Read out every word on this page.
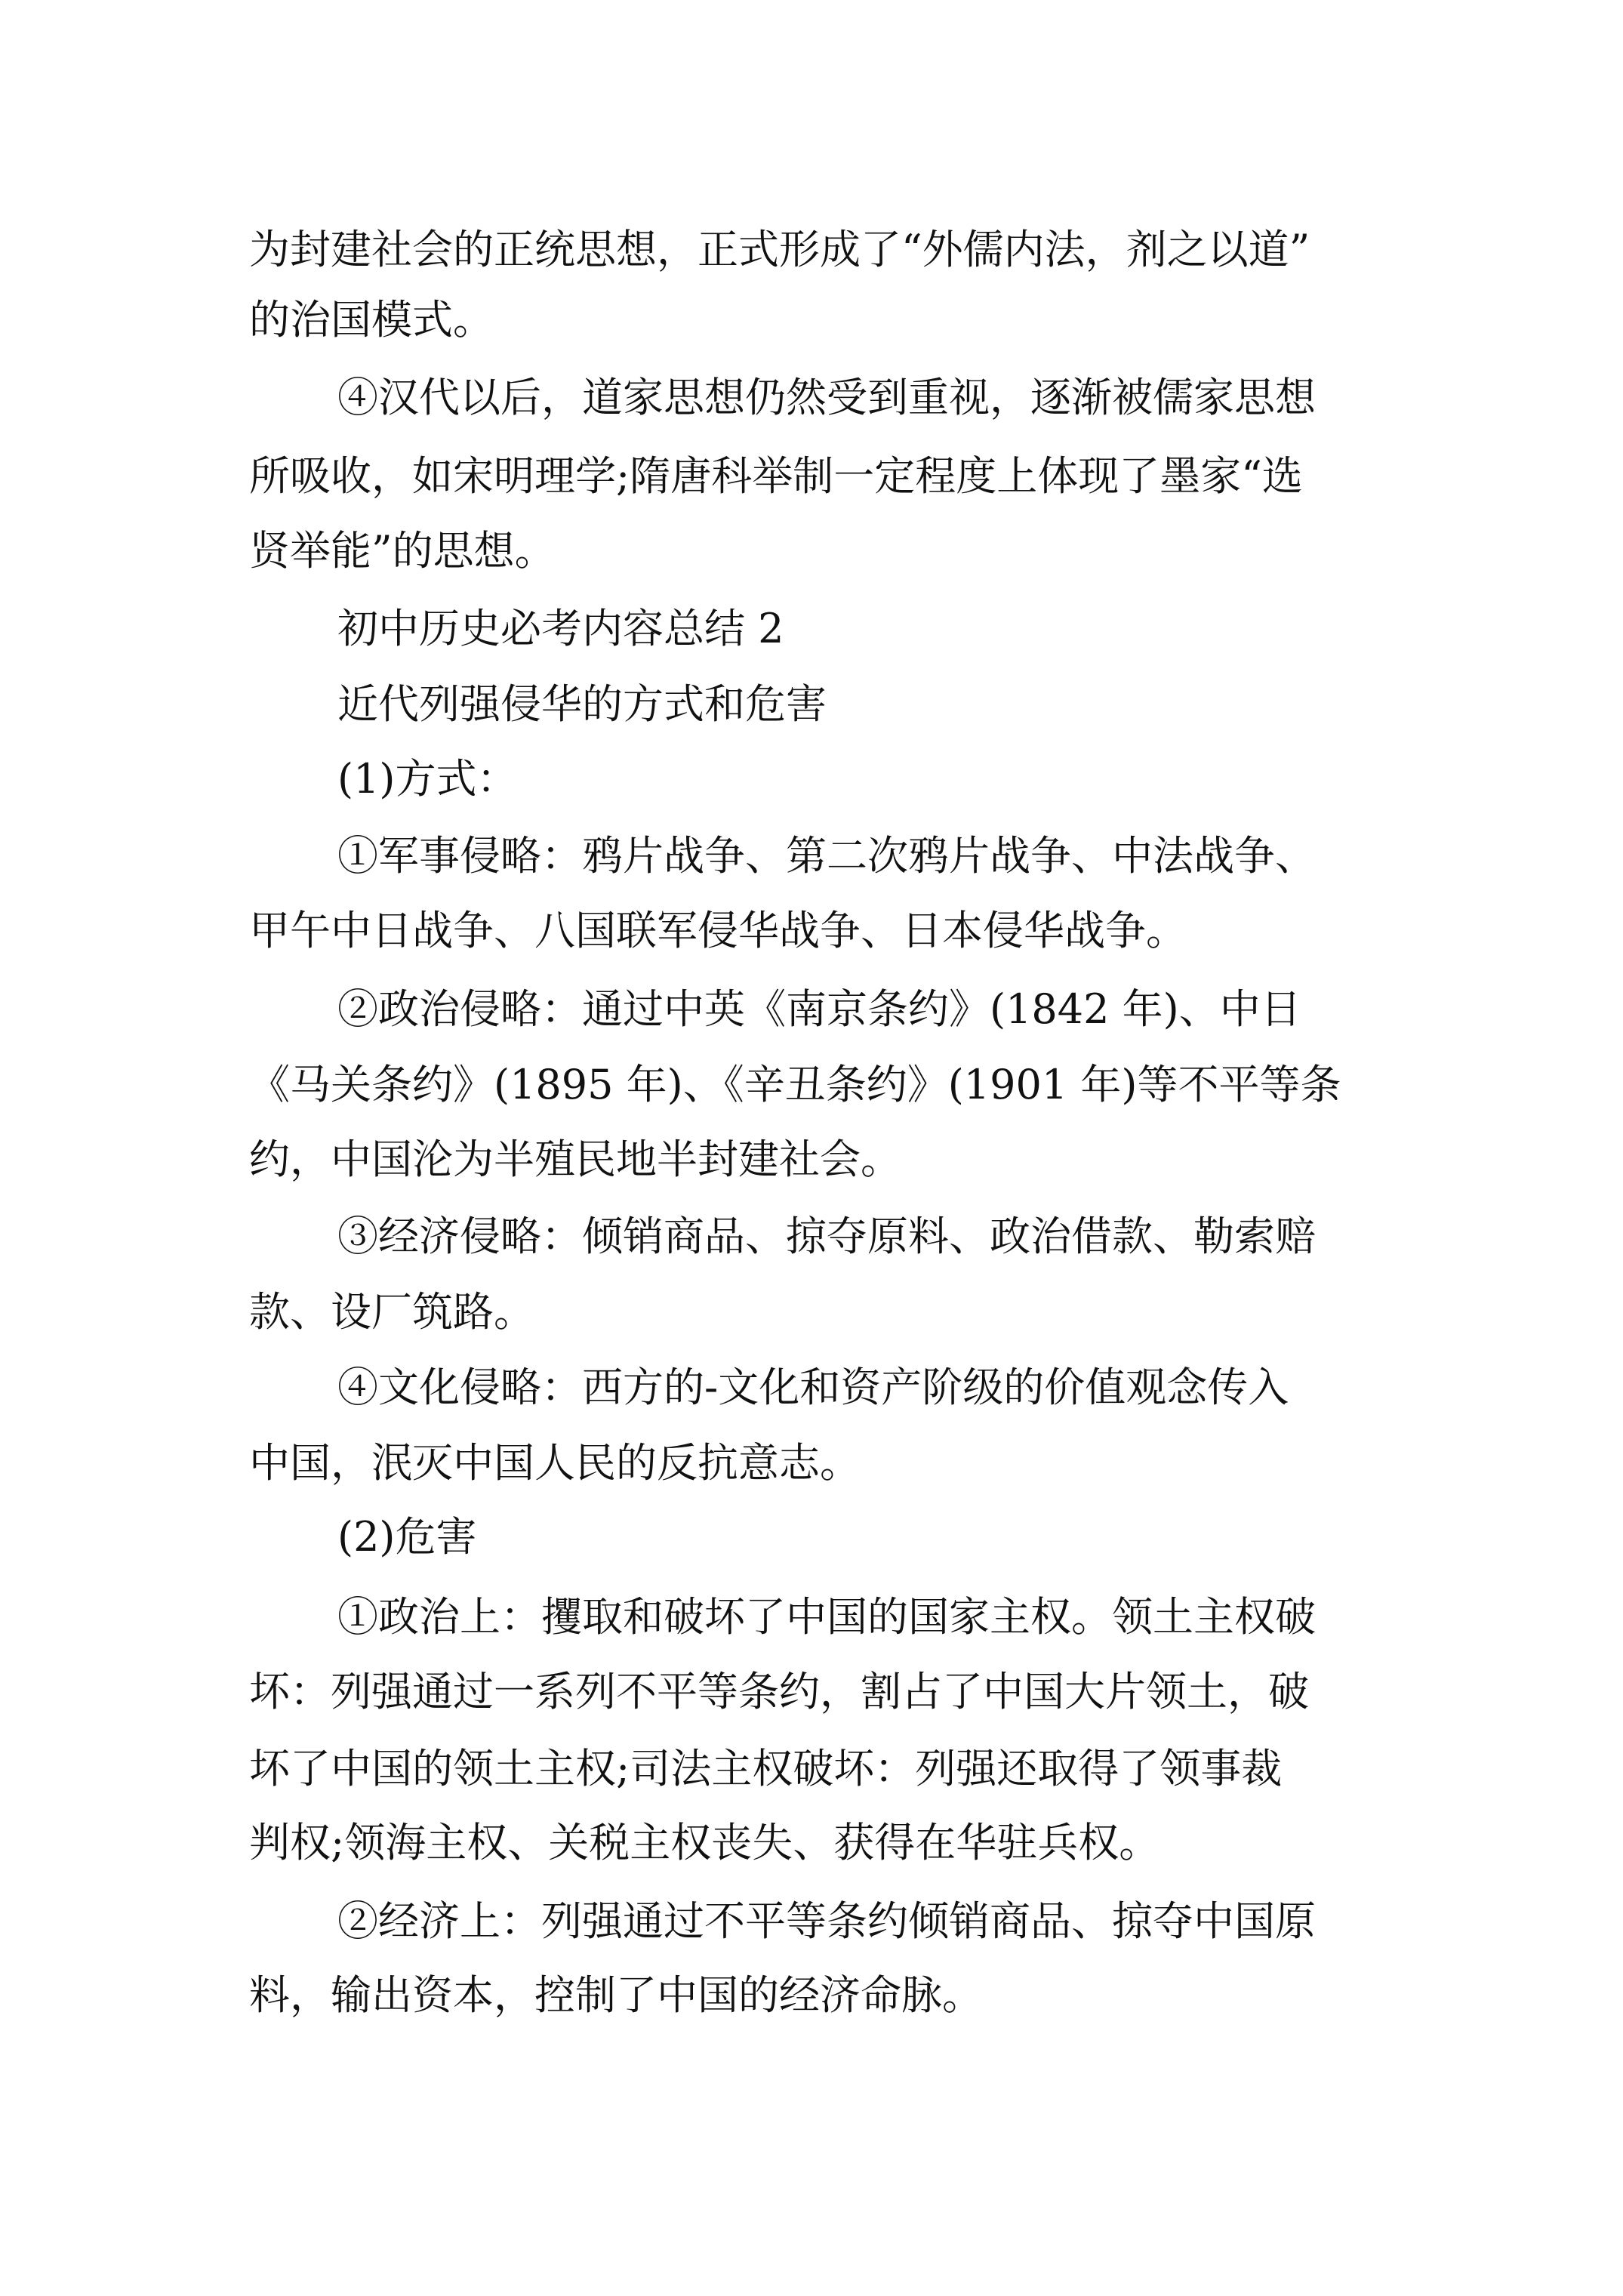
为封建社会的正统思想，正式形成了“外儒内法，剂之以道”
的治国模式。
④汉代以后，道家思想仍然受到重视，逐渐被儒家思想
所吸收，如宋明理学;隋唐科举制一定程度上体现了墨家“选
贤举能”的思想。
初中历史必考内容总结 2
近代列强侵华的方式和危害
(1)方式：
①军事侵略：鸦片战争、第二次鸦片战争、中法战争、
甲午中日战争、八国联军侵华战争、日本侵华战争。
②政治侵略：通过中英《南京条约》(1842 年)、中日
《马关条约》(1895 年)、《辛丑条约》(1901 年)等不平等条
约，中国沦为半殖民地半封建社会。
③经济侵略：倾销商品、掠夺原料、政治借款、勒索赔
款、设厂筑路。
④文化侵略：西方的-文化和资产阶级的价值观念传入
中国，泯灭中国人民的反抗意志。
(2)危害
①政治上：攫取和破坏了中国的国家主权。领土主权破
坏：列强通过一系列不平等条约，割占了中国大片领土，破
坏了中国的领土主权;司法主权破坏：列强还取得了领事裁
判权;领海主权、关税主权丧失、获得在华驻兵权。
②经济上：列强通过不平等条约倾销商品、掠夺中国原
料，输出资本，控制了中国的经济命脉。
